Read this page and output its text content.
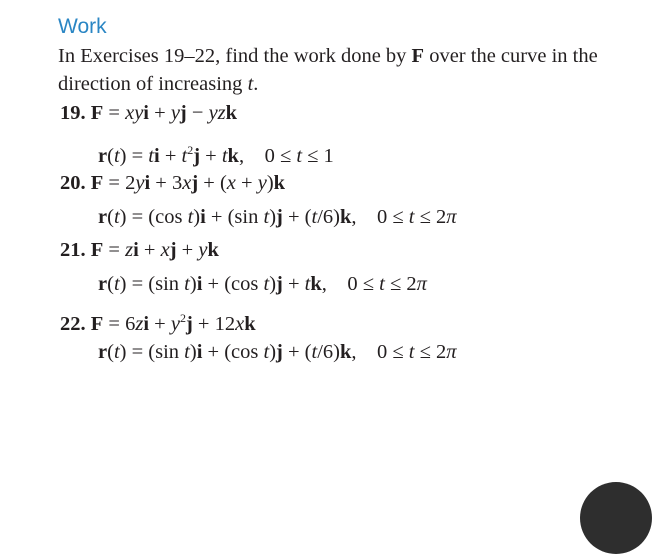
Work

In Exercises 19–22, find the work done by F over the curve in the direction of increasing t.

19. F = xyi + yj − yzk
r(t) = ti + $t^2j$ + tk,    0 ≤ t ≤ 1
20. F = 2yi + 3xj + (x + y)k
r(t) = (cos t)i + (sin t)j + (t/6)k,    0 ≤ t ≤ 2π
21. F = zi + xj + yk
r(t) = (sin t)i + (cos t)j + tk,    0 ≤ t ≤ 2π
22. $F = 6zi + y^2j + 12xk$
r(t) = (sin t)i + (cos t)j + (t/6)k,    0 ≤ t ≤ 2π
